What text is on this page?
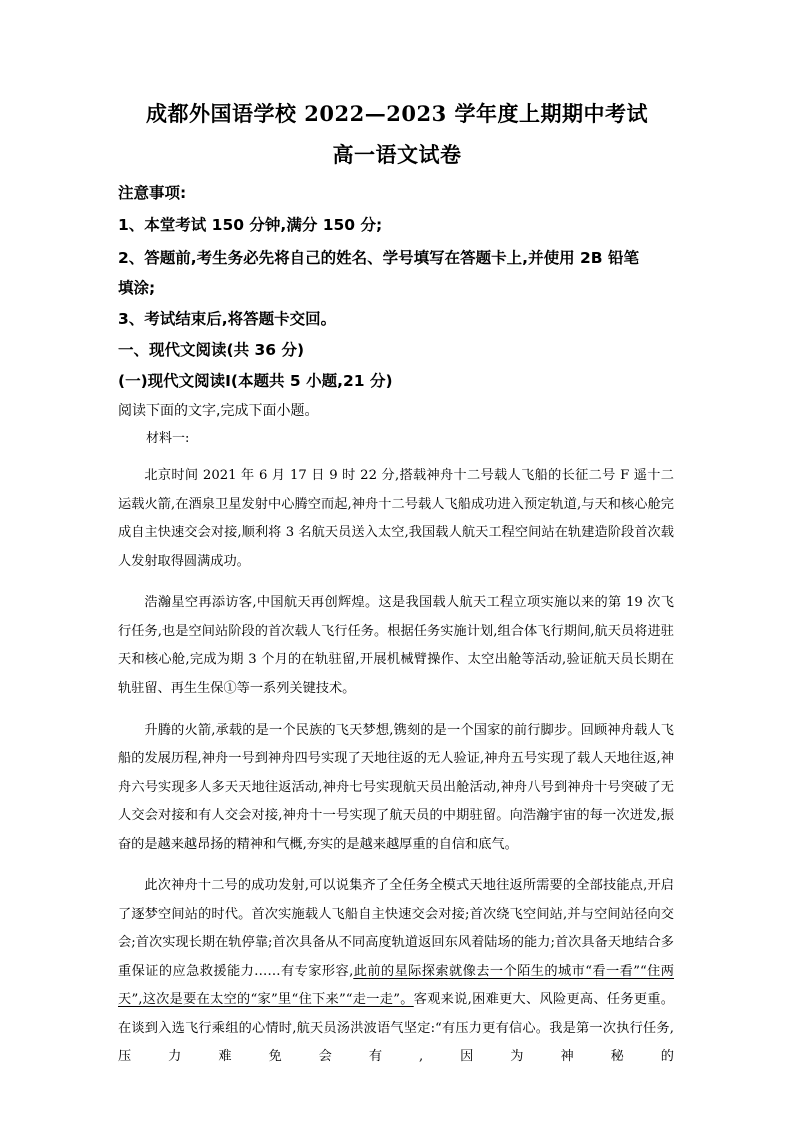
成都外国语学校 2022—2023 学年度上期期中考试
高一语文试卷
注意事项:
1、本堂考试 150 分钟,满分 150 分;
2、答题前,考生务必先将自己的姓名、学号填写在答题卡上,并使用 2B 铅笔
填涂;
3、考试结束后,将答题卡交回。
一、现代文阅读(共 36 分)
(一)现代文阅读Ⅰ(本题共 5 小题,21 分)
阅读下面的文字,完成下面小题。
材料一:

北京时间 2021 年 6 月 17 日 9 时 22 分,搭载神舟十二号载人飞船的长征二号 F 遥十二运载火箭,在酒泉卫星发射中心腾空而起,神舟十二号载人飞船成功进入预定轨道,与天和核心舱完成自主快速交会对接,顺利将 3 名航天员送入太空,我国载人航天工程空间站在轨建造阶段首次载人发射取得圆满成功。

浩瀚星空再添访客,中国航天再创辉煌。这是我国载人航天工程立项实施以来的第 19 次飞行任务,也是空间站阶段的首次载人飞行任务。根据任务实施计划,组合体飞行期间,航天员将进驻天和核心舱,完成为期 3 个月的在轨驻留,开展机械臂操作、太空出舱等活动,验证航天员长期在轨驻留、再生生保①等一系列关键技术。

升腾的火箭,承载的是一个民族的飞天梦想,镌刻的是一个国家的前行脚步。回顾神舟载人飞船的发展历程,神舟一号到神舟四号实现了天地往返的无人验证,神舟五号实现了载人天地往返,神舟六号实现多人多天天地往返活动,神舟七号实现航天员出舱活动,神舟八号到神舟十号突破了无人交会对接和有人交会对接,神舟十一号实现了航天员的中期驻留。向浩瀚宇宙的每一次迸发,振奋的是越来越昂扬的精神和气概,夯实的是越来越厚重的自信和底气。

此次神舟十二号的成功发射,可以说集齐了全任务全模式天地往返所需要的全部技能点,开启了逐梦空间站的时代。首次实施载人飞船自主快速交会对接;首次绕飞空间站,并与空间站径向交会;首次实现长期在轨停靠;首次具备从不同高度轨道返回东风着陆场的能力;首次具备天地结合多重保证的应急救援能力……有专家形容,此前的星际探索就像去一个陌生的城市“看一看”“住两天”,这次是要在太空的“家”里“住下来”“走一走”。客观来说,困难更大、风险更高、任务更重。在谈到入选飞行乘组的心情时,航天员汤洪波语气坚定:“有压力更有信心。我是第一次执行任务,压力难免会有,因为神秘的
